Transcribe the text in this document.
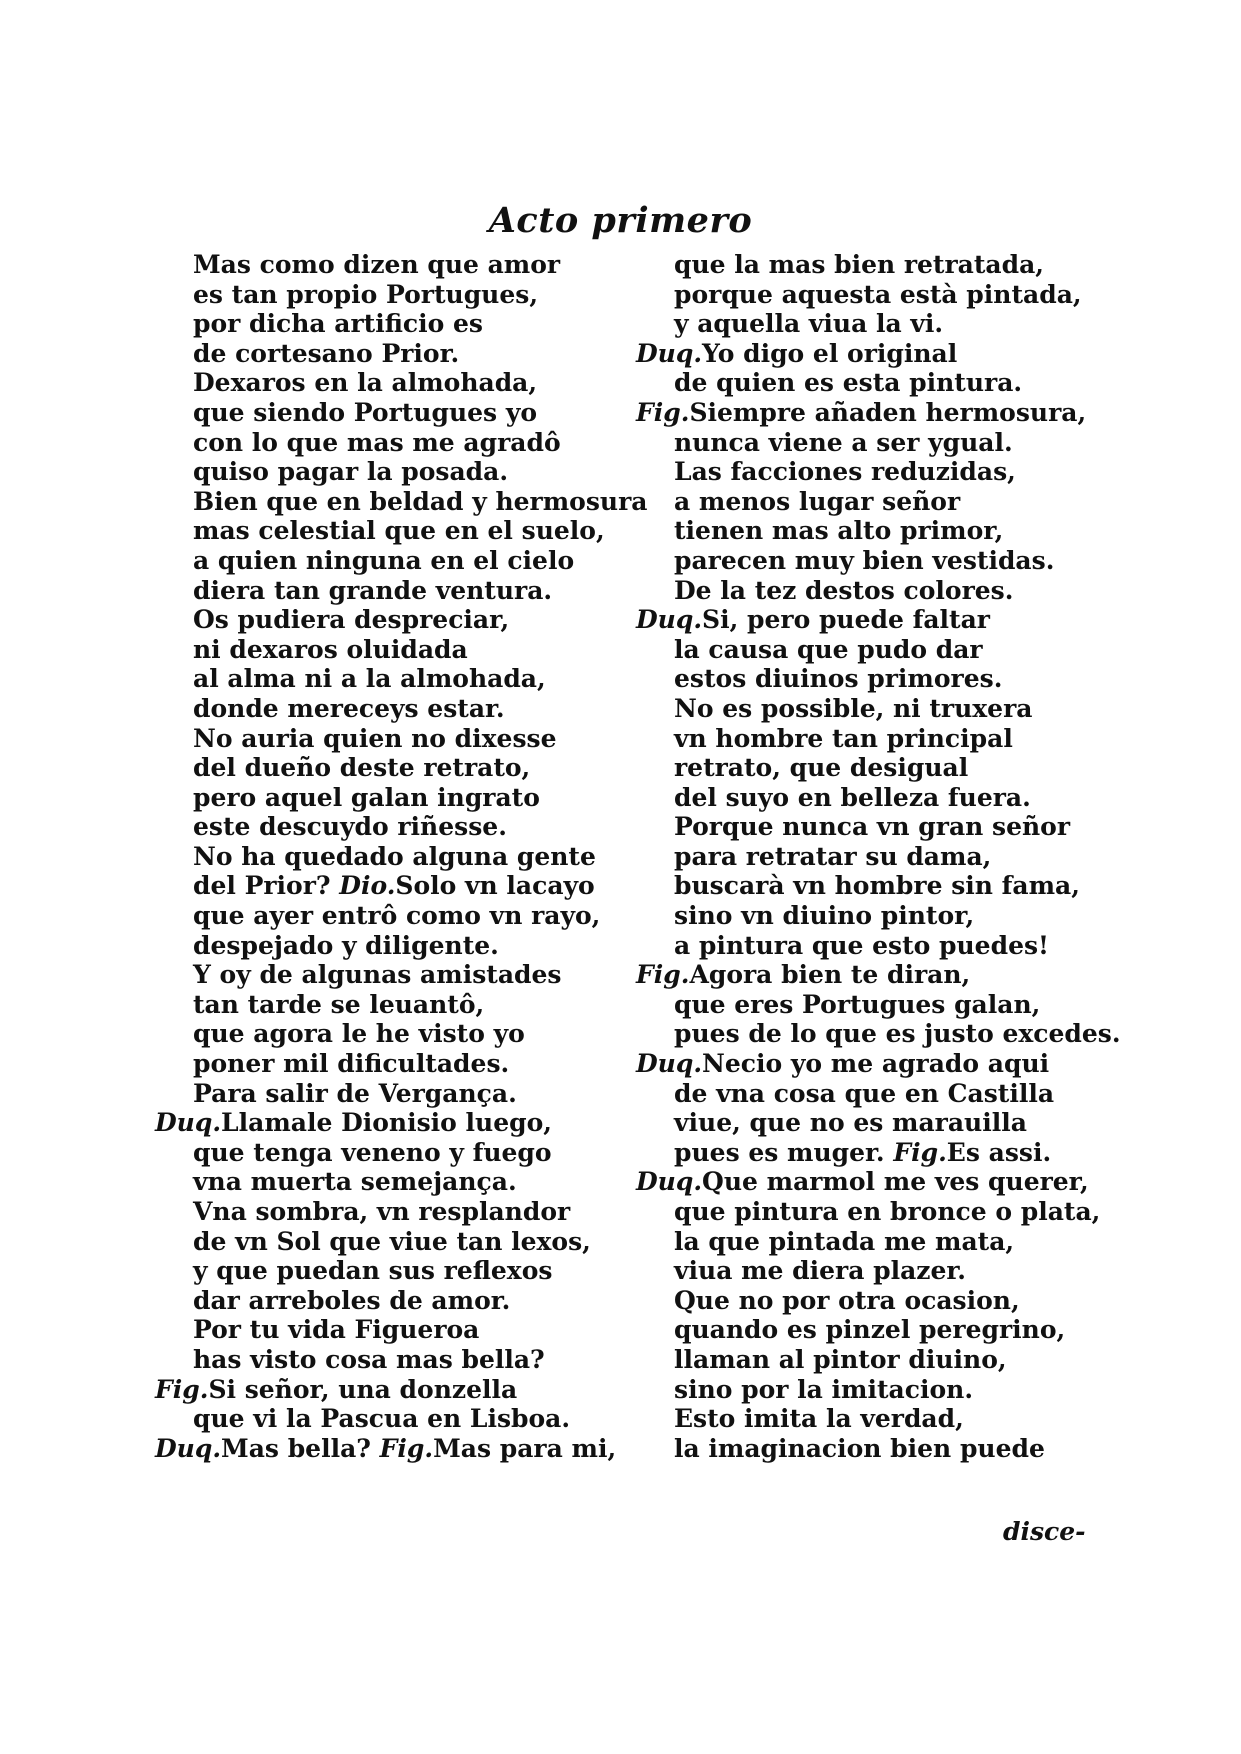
Acto primero
Mas como dizen que amor
es tan propio Portugues,
por dicha artificio es
de cortesano Prior.
Dexaros en la almohada,
que siendo Portugues yo
con lo que mas me agradô
quiso pagar la posada.
Bien que en beldad y hermosura
mas celestial que en el suelo,
a quien ninguna en el cielo
diera tan grande ventura.
Os pudiera despreciar,
ni dexaros oluidada
al alma ni a la almohada,
donde mereceys estar.
No auria quien no dixesse
del dueño deste retrato,
pero aquel galan ingrato
este descuydo riñesse.
No ha quedado alguna gente
del Prior? Dio.Solo vn lacayo
que ayer entrô como vn rayo,
despejado y diligente.
Y oy de algunas amistades
tan tarde se leuantô,
que agora le he visto yo
poner mil dificultades.
Para salir de Vergança.
Duq.Llamale Dionisio luego,
que tenga veneno y fuego
vna muerta semejança.
Vna sombra, vn resplandor
de vn Sol que viue tan lexos,
y que puedan sus reflexos
dar arreboles de amor.
Por tu vida Figueroa
has visto cosa mas bella?
Fig.Si señor, una donzella
que vi la Pascua en Lisboa.
Duq.Mas bella? Fig.Mas para mi,
que la mas bien retratada,
porque aquesta està pintada,
y aquella viua la vi.
Duq.Yo digo el original
de quien es esta pintura.
Fig.Siempre añaden hermosura,
nunca viene a ser ygual.
Las facciones reduzidas,
a menos lugar señor
tienen mas alto primor,
parecen muy bien vestidas.
De la tez destos colores.
Duq.Si, pero puede faltar
la causa que pudo dar
estos diuinos primores.
No es possible, ni truxera
vn hombre tan principal
retrato, que desigual
del suyo en belleza fuera.
Porque nunca vn gran señor
para retratar su dama,
buscarà vn hombre sin fama,
sino vn diuino pintor,
a pintura que esto puedes!
Fig.Agora bien te diran,
que eres Portugues galan,
pues de lo que es justo excedes.
Duq.Necio yo me agrado aqui
de vna cosa que en Castilla
viue, que no es marauilla
pues es muger. Fig.Es assi.
Duq.Que marmol me ves querer,
que pintura en bronce o plata,
la que pintada me mata,
viua me diera plazer.
Que no por otra ocasion,
quando es pinzel peregrino,
llaman al pintor diuino,
sino por la imitacion.
Esto imita la verdad,
la imaginacion bien puede
disce-
